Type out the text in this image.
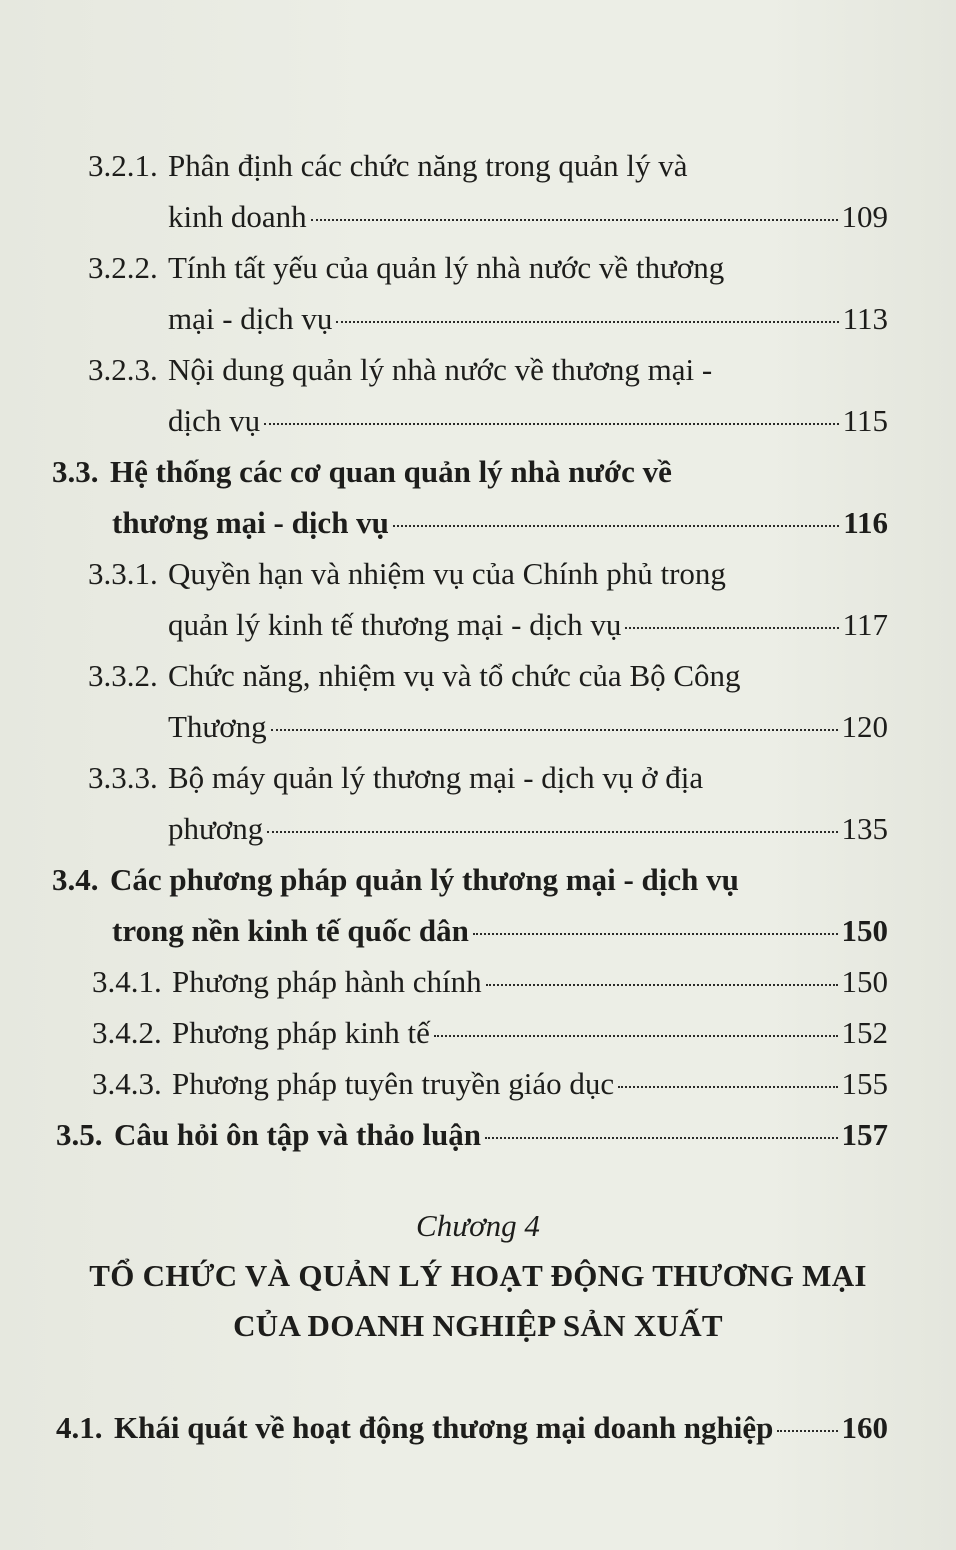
3.2.1. Phân định các chức năng trong quản lý và
kinh doanh	109
3.2.2. Tính tất yếu của quản lý nhà nước về thương
mại - dịch vụ	113
3.2.3. Nội dung quản lý nhà nước về thương mại -
dịch vụ	115
3.3. Hệ thống các cơ quan quản lý nhà nước về
thương mại - dịch vụ	116
3.3.1. Quyền hạn và nhiệm vụ của Chính phủ trong
quản lý kinh tế thương mại - dịch vụ	117
3.3.2. Chức năng, nhiệm vụ và tổ chức của Bộ Công
Thương	120
3.3.3. Bộ máy quản lý thương mại - dịch vụ ở địa
phương	135
3.4. Các phương pháp quản lý thương mại - dịch vụ
trong nền kinh tế quốc dân	150
3.4.1. Phương pháp hành chính	150
3.4.2. Phương pháp kinh tế	152
3.4.3. Phương pháp tuyên truyền giáo dục	155
3.5. Câu hỏi ôn tập và thảo luận	157
Chương 4
TỔ CHỨC VÀ QUẢN LÝ HOẠT ĐỘNG THƯƠNG MẠI
CỦA DOANH NGHIỆP SẢN XUẤT
4.1. Khái quát về hoạt động thương mại doanh nghiệp 160
